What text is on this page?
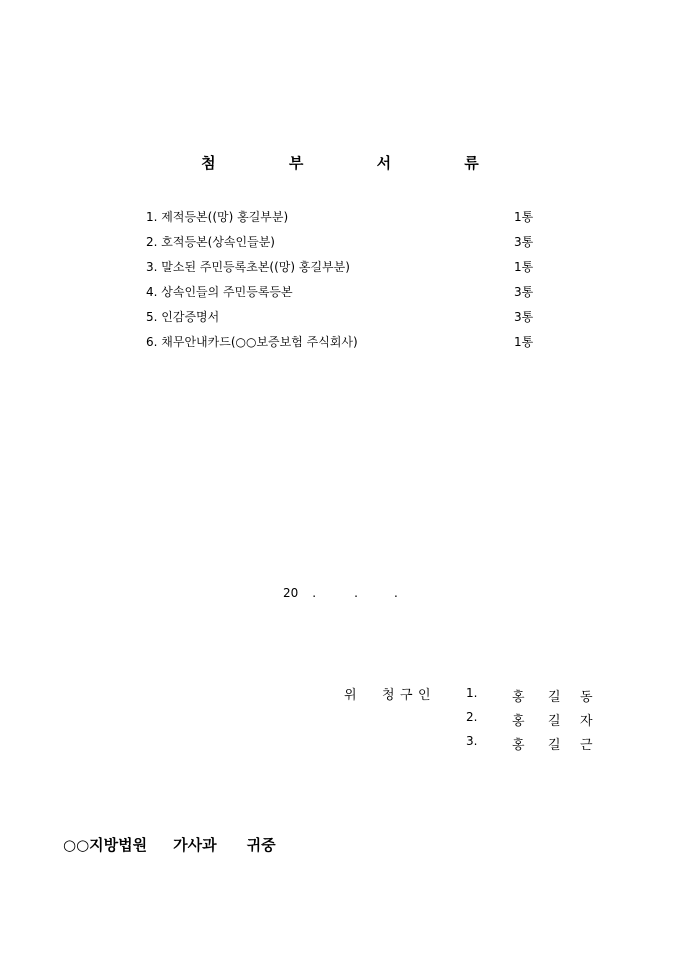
첨 부 서 류
1. 제적등본((망) 홍길부분)	1통
2. 호적등본(상속인들분)	3통
3. 말소된 주민등록초본((망) 홍길부분)	1통
4. 상속인들의 주민등록등본	3통
5. 인감증명서	3통
6. 채무안내카드(○○보증보험 주식회사)	1통
20 .	.	.
위 청 구 인	1.	홍 길 동
2.	홍 길 자
3.	홍 길 근
○○지방법원 가사과 귀중
